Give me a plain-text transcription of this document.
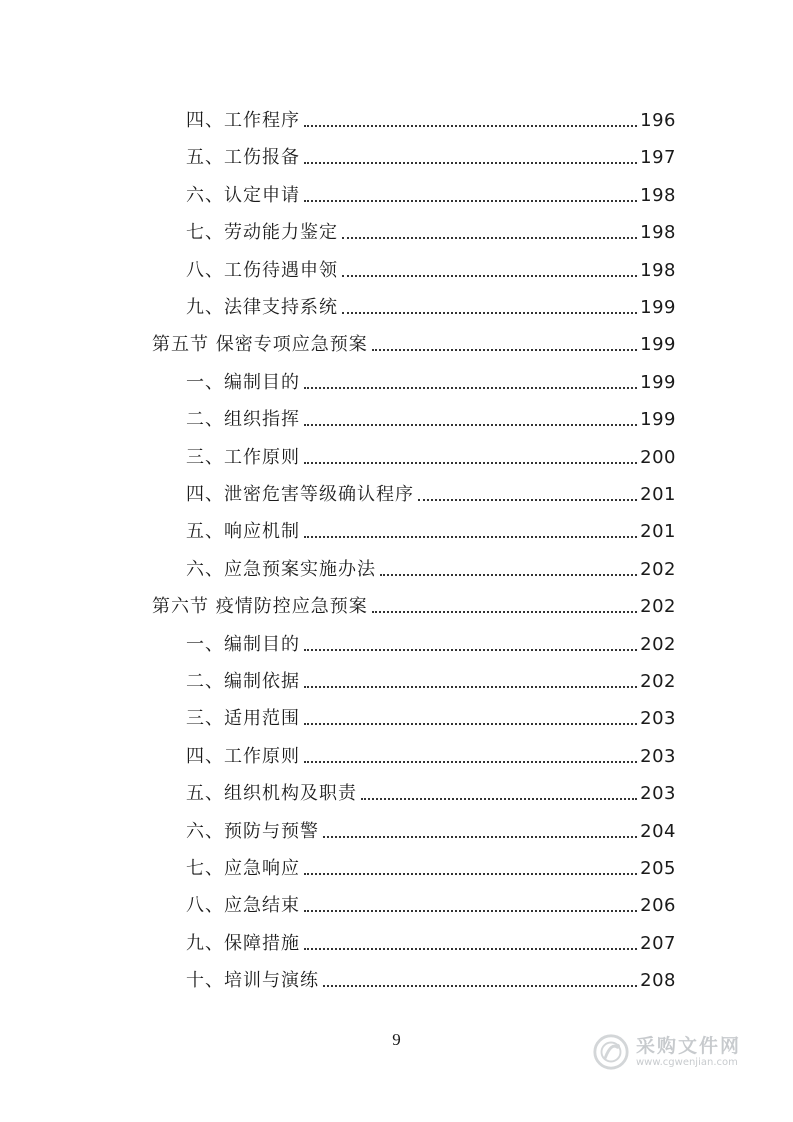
四、工作程序	196
五、工伤报备	197
六、认定申请	198
七、劳动能力鉴定	198
八、工伤待遇申领	198
九、法律支持系统	199
第五节 保密专项应急预案	199
一、编制目的	199
二、组织指挥	199
三、工作原则	200
四、泄密危害等级确认程序	201
五、响应机制	201
六、应急预案实施办法	202
第六节 疫情防控应急预案	202
一、编制目的	202
二、编制依据	202
三、适用范围	203
四、工作原则	203
五、组织机构及职责	203
六、预防与预警	204
七、应急响应	205
八、应急结束	206
九、保障措施	207
十、培训与演练	208
9	采购文件网
www.cgwenjian.com
